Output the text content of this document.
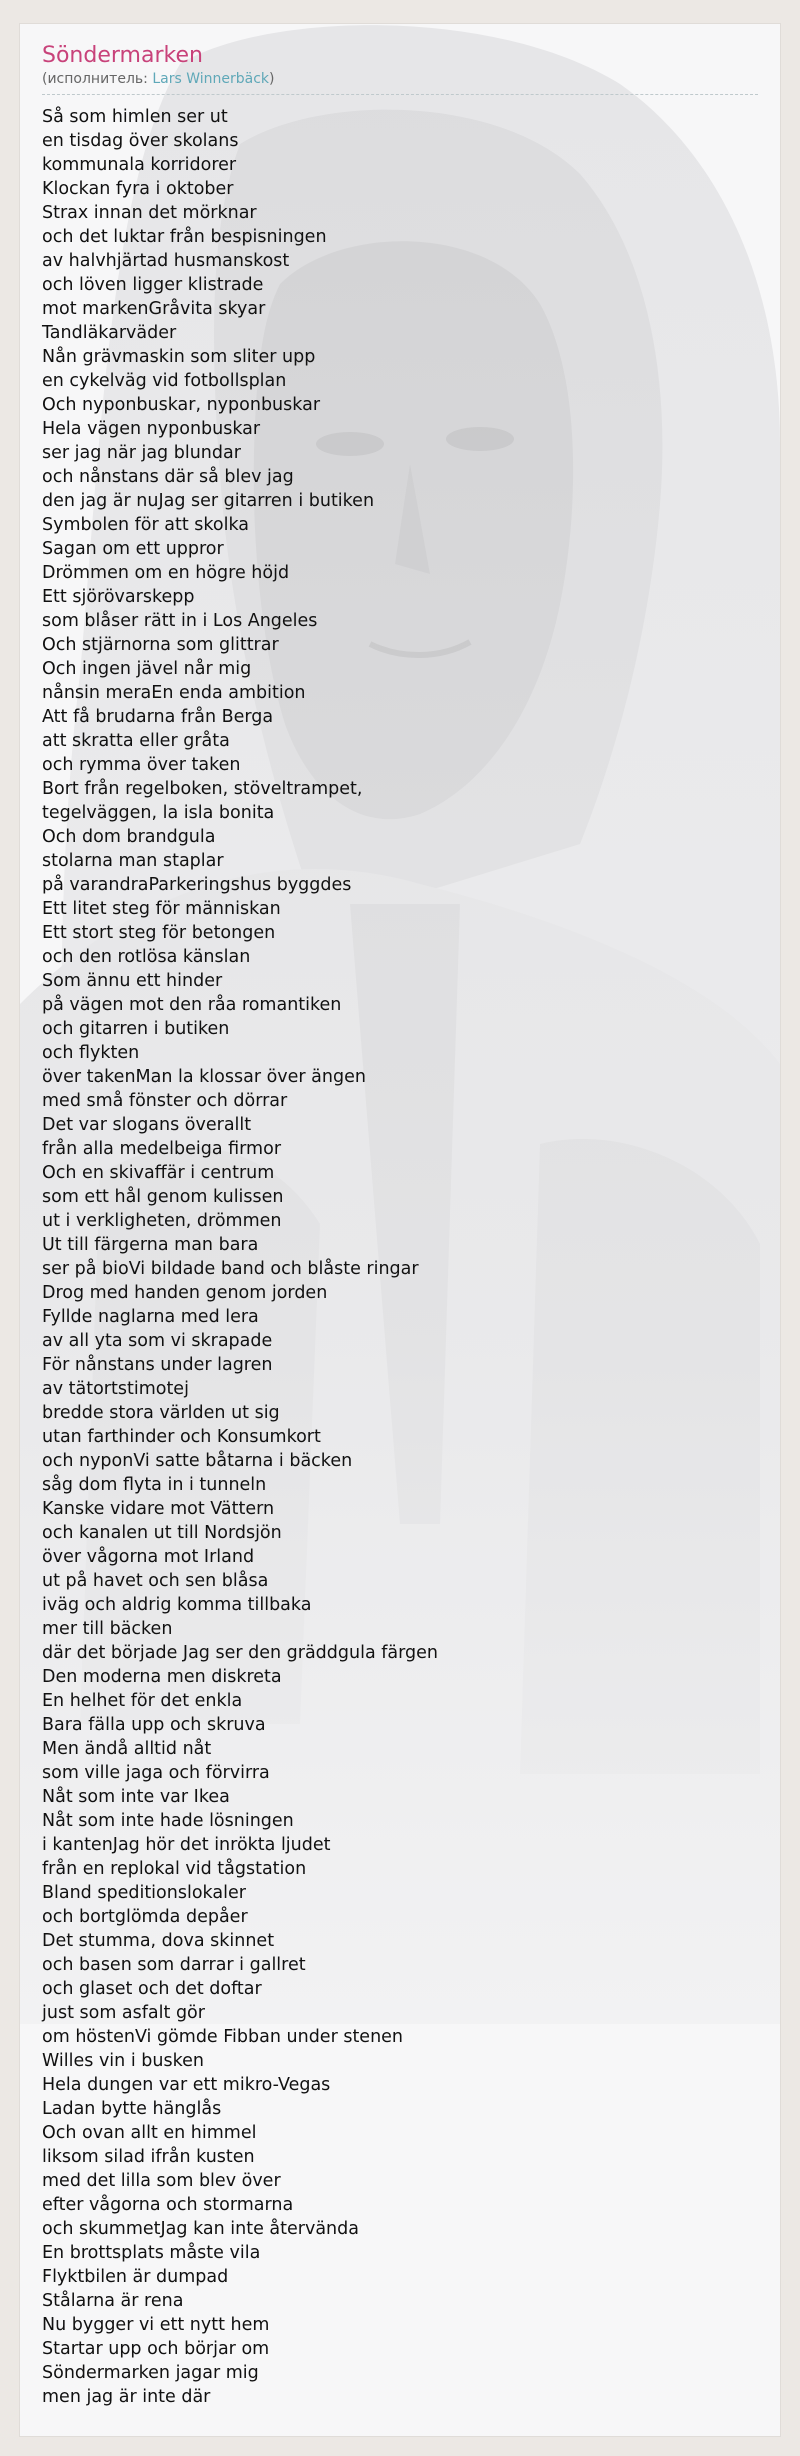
Söndermarken
(исполнитель: Lars Winnerbäck)
Så som himlen ser ut
en tisdag över skolans
kommunala korridorer
Klockan fyra i oktober
Strax innan det mörknar
och det luktar från bespisningen
av halvhjärtad husmanskost
och löven ligger klistrade
mot markenGråvita skyar
Tandläkarväder
Nån grävmaskin som sliter upp
en cykelväg vid fotbollsplan
Och nyponbuskar, nyponbuskar
Hela vägen nyponbuskar
ser jag när jag blundar
och nånstans där så blev jag
den jag är nuJag ser gitarren i butiken
Symbolen för att skolka
Sagan om ett uppror
Drömmen om en högre höjd
Ett sjörövarskepp
som blåser rätt in i Los Angeles
Och stjärnorna som glittrar
Och ingen jävel når mig
nånsin meraEn enda ambition
Att få brudarna från Berga
att skratta eller gråta
och rymma över taken
Bort från regelboken, stöveltrampet,
tegelväggen, la isla bonita
Och dom brandgula
stolarna man staplar
på varandraParkeringshus byggdes
Ett litet steg för människan
Ett stort steg för betongen
och den rotlösa känslan
Som ännu ett hinder
på vägen mot den råa romantiken
och gitarren i butiken
och flykten
över takenMan la klossar över ängen
med små fönster och dörrar
Det var slogans överallt
från alla medelbeiga firmor
Och en skivaffär i centrum
som ett hål genom kulissen
ut i verkligheten, drömmen
Ut till färgerna man bara
ser på bioVi bildade band och blåste ringar
Drog med handen genom jorden
Fyllde naglarna med lera
av all yta som vi skrapade
För nånstans under lagren
av tätortstimotej
bredde stora världen ut sig
utan farthinder och Konsumkort
och nyponVi satte båtarna i bäcken
såg dom flyta in i tunneln
Kanske vidare mot Vättern
och kanalen ut till Nordsjön
över vågorna mot Irland
ut på havet och sen blåsa
iväg och aldrig komma tillbaka
mer till bäcken
där det började Jag ser den gräddgula färgen
Den moderna men diskreta
En helhet för det enkla
Bara fälla upp och skruva
Men ändå alltid nåt
som ville jaga och förvirra
Nåt som inte var Ikea
Nåt som inte hade lösningen
i kantenJag hör det inrökta ljudet
från en replokal vid tågstation
Bland speditionslokaler
och bortglömda depåer
Det stumma, dova skinnet
och basen som darrar i gallret
och glaset och det doftar
just som asfalt gör
om höstenVi gömde Fibban under stenen
Willes vin i busken
Hela dungen var ett mikro-Vegas
Ladan bytte hänglås
Och ovan allt en himmel
liksom silad ifrån kusten
med det lilla som blev över
efter vågorna och stormarna
och skummetJag kan inte återvända
En brottsplats måste vila
Flyktbilen är dumpad
Stålarna är rena
Nu bygger vi ett nytt hem
Startar upp och börjar om
Söndermarken jagar mig
men jag är inte där
